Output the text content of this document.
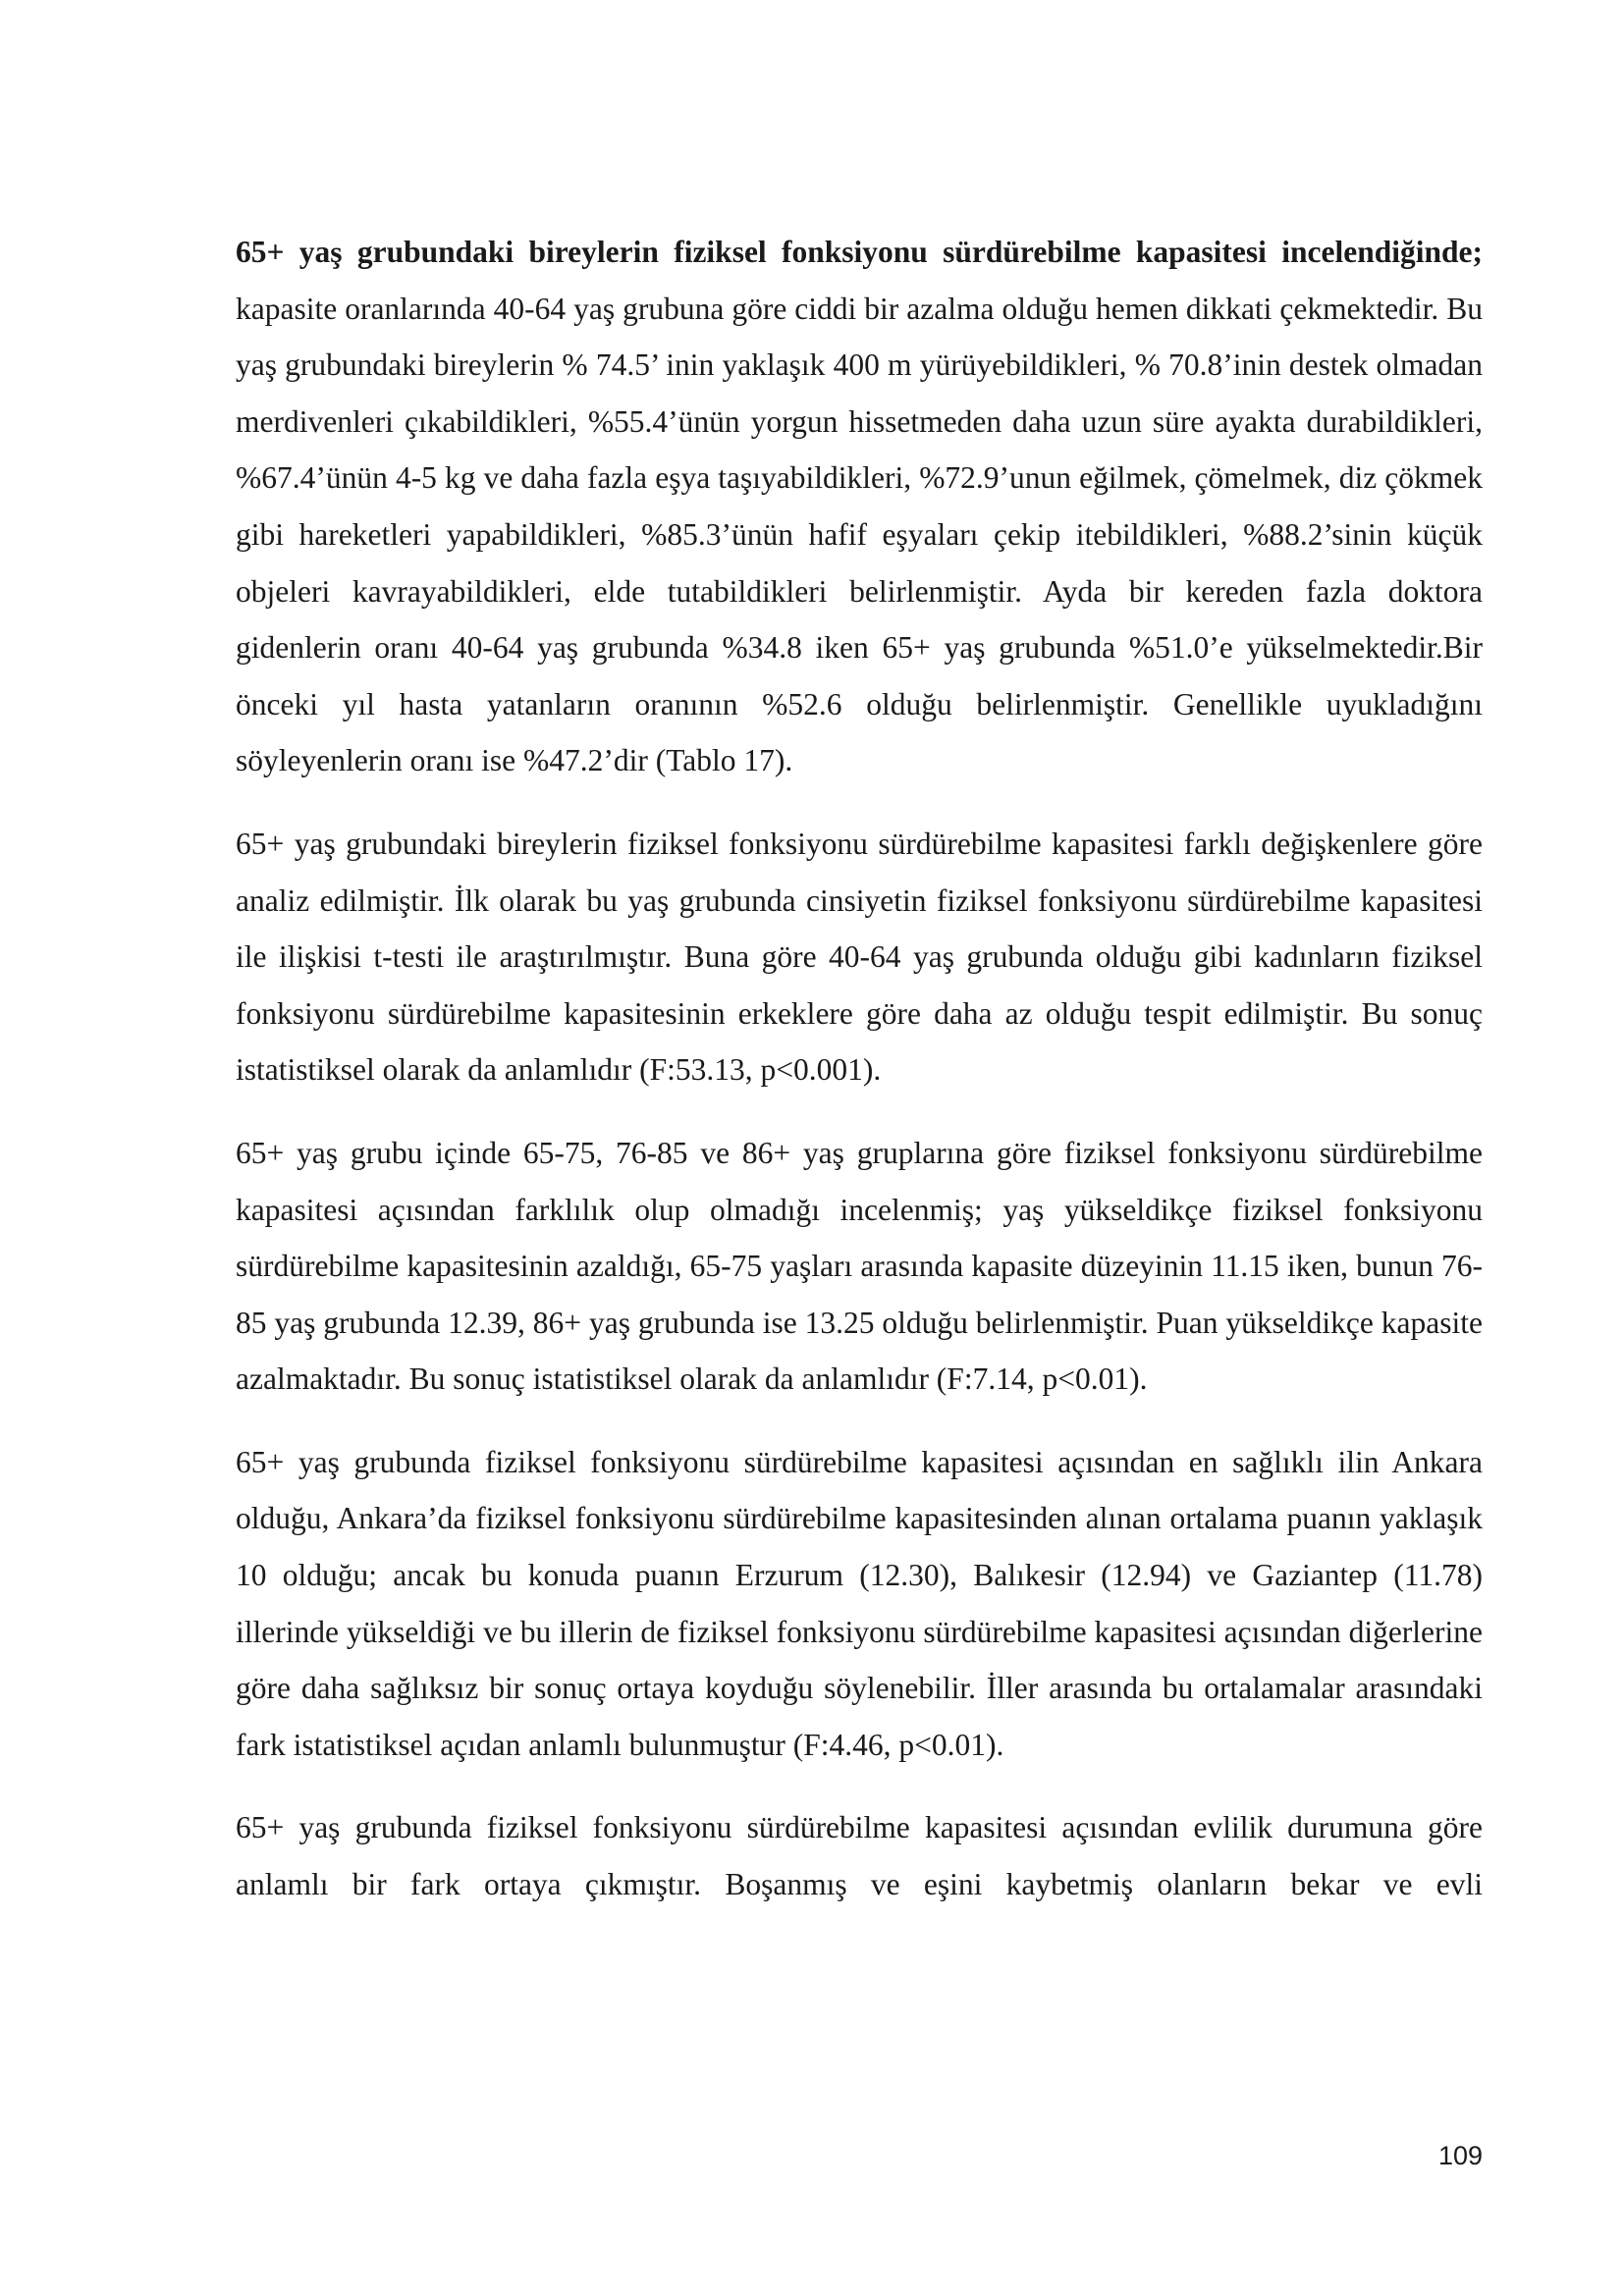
65+ yaş grubundaki bireylerin fiziksel fonksiyonu sürdürebilme kapasitesi incelendiğinde; kapasite oranlarında 40-64 yaş grubuna göre ciddi bir azalma olduğu hemen dikkati çekmektedir. Bu yaş grubundaki bireylerin % 74.5’ inin yaklaşık 400 m yürüyebildikleri, % 70.8’inin destek olmadan merdivenleri çıkabildikleri, %55.4’ünün yorgun hissetmeden daha uzun süre ayakta durabildikleri, %67.4’ünün 4-5 kg ve daha fazla eşya taşıyabildikleri, %72.9’unun eğilmek, çömelmek, diz çökmek gibi hareketleri yapabildikleri, %85.3’ünün hafif eşyaları çekip itebildikleri, %88.2’sinin küçük objeleri kavrayabildikleri, elde tutabildikleri belirlenmiştir. Ayda bir kereden fazla doktora gidenlerin oranı 40-64 yaş grubunda %34.8 iken 65+ yaş grubunda %51.0’e yükselmektedir.Bir önceki yıl hasta yatanların oranının %52.6 olduğu belirlenmiştir. Genellikle uyukladığını söyleyenlerin oranı ise %47.2’dir (Tablo 17).

65+ yaş grubundaki bireylerin fiziksel fonksiyonu sürdürebilme kapasitesi farklı değişkenlere göre analiz edilmiştir. İlk olarak bu yaş grubunda cinsiyetin fiziksel fonksiyonu sürdürebilme kapasitesi ile ilişkisi t-testi ile araştırılmıştır. Buna göre 40-64 yaş grubunda olduğu gibi kadınların fiziksel fonksiyonu sürdürebilme kapasitesinin erkeklere göre daha az olduğu tespit edilmiştir. Bu sonuç istatistiksel olarak da anlamlıdır (F:53.13, p<0.001).

65+ yaş grubu içinde 65-75, 76-85 ve 86+ yaş gruplarına göre fiziksel fonksiyonu sürdürebilme kapasitesi açısından farklılık olup olmadığı incelenmiş; yaş yükseldikçe fiziksel fonksiyonu sürdürebilme kapasitesinin azaldığı, 65-75 yaşları arasında kapasite düzeyinin 11.15 iken, bunun 76-85 yaş grubunda 12.39, 86+ yaş grubunda ise 13.25 olduğu belirlenmiştir. Puan yükseldikçe kapasite azalmaktadır. Bu sonuç istatistiksel olarak da anlamlıdır (F:7.14, p<0.01).

65+ yaş grubunda fiziksel fonksiyonu sürdürebilme kapasitesi açısından en sağlıklı ilin Ankara olduğu, Ankara’da fiziksel fonksiyonu sürdürebilme kapasitesinden alınan ortalama puanın yaklaşık 10 olduğu; ancak bu konuda puanın Erzurum (12.30), Balıkesir (12.94) ve Gaziantep (11.78) illerinde yükseldiği ve bu illerin de fiziksel fonksiyonu sürdürebilme kapasitesi açısından diğerlerine göre daha sağlıksız bir sonuç ortaya koyduğu söylenebilir. İller arasında bu ortalamalar arasındaki fark istatistiksel açıdan anlamlı bulunmuştur (F:4.46, p<0.01).

65+ yaş grubunda fiziksel fonksiyonu sürdürebilme kapasitesi açısından evlilik durumuna göre anlamlı bir fark ortaya çıkmıştır. Boşanmış ve eşini kaybetmiş olanların bekar ve evli

109
